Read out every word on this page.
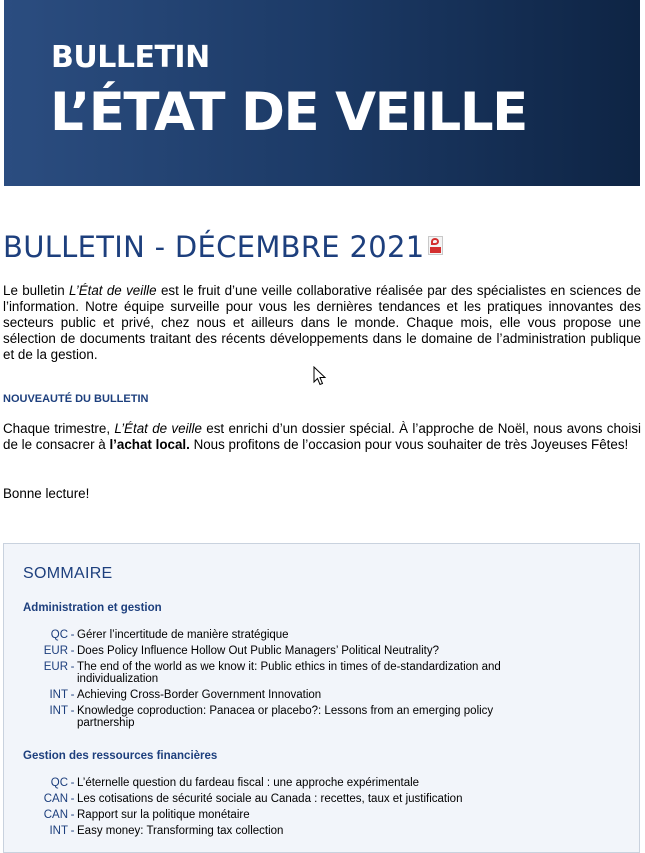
BULLETIN
L’ÉTAT DE VEILLE
BULLETIN - DÉCEMBRE 2021

Le bulletin L’État de veille est le fruit d’une veille collaborative réalisée par des spécialistes en sciences de l’information. Notre équipe surveille pour vous les dernières tendances et les pratiques innovantes des secteurs public et privé, chez nous et ailleurs dans le monde. Chaque mois, elle vous propose une sélection de documents traitant des récents développements dans le domaine de l’administration publique et de la gestion.

NOUVEAUTÉ DU BULLETIN

Chaque trimestre, L’État de veille est enrichi d’un dossier spécial. À l’approche de Noël, nous avons choisi de le consacrer à l’achat local. Nous profitons de l’occasion pour vous souhaiter de très Joyeuses Fêtes!

Bonne lecture!

SOMMAIRE
Administration et gestion
QC - Gérer l’incertitude de manière stratégique
EUR - Does Policy Influence Hollow Out Public Managers’ Political Neutrality?
EUR - The end of the world as we know it: Public ethics in times of de-standardization and individualization
INT - Achieving Cross-Border Government Innovation
INT - Knowledge coproduction: Panacea or placebo?: Lessons from an emerging policy partnership
Gestion des ressources financières
QC - L’éternelle question du fardeau fiscal : une approche expérimentale
CAN - Les cotisations de sécurité sociale au Canada : recettes, taux et justification
CAN - Rapport sur la politique monétaire
INT - Easy money: Transforming tax collection
